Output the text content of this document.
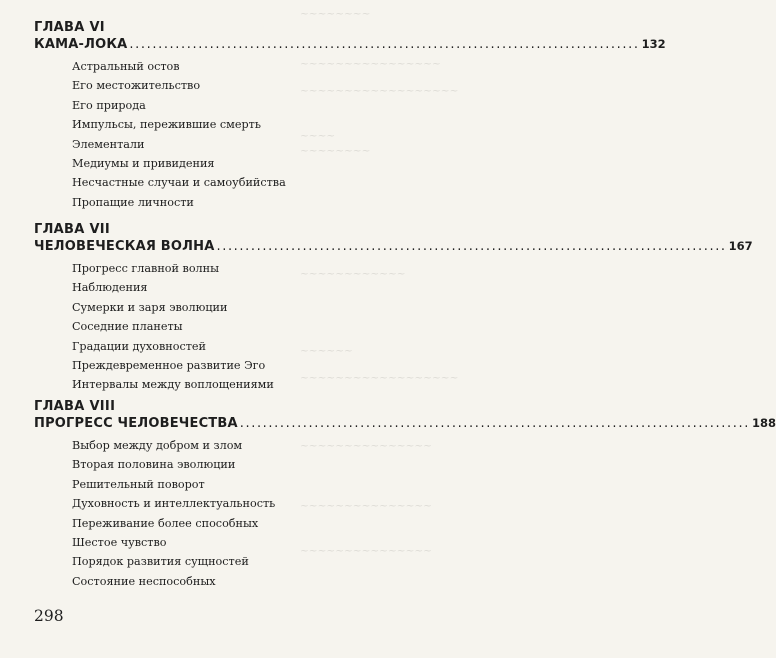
~~~~~~~~
~~~~~~~~~~~~~~~~
~~~~~~~~~~~~~~~~~~
~~~~
~~~~~~~~
~~~~~~~~~~~~
~~~~~~
~~~~~~~~~~~~~~~~~~
~~~~~~~~~~~~~~~
~~~~~~~~~~~~~~~
~~~~~~~~~~~~~~~
ГЛАВА VI
КАМА-ЛОКА ......................................................................................... 132
Астральный остов
Его местожительство
Его природа
Импульсы, пережившие смерть
Элементали
Медиумы и привидения
Несчастные случаи и самоубийства
Пропащие личности
ГЛАВА VII
ЧЕЛОВЕЧЕСКАЯ ВОЛНА ......................................................................................... 167
Прогресс главной волны
Наблюдения
Сумерки и заря эволюции
Соседние планеты
Градации духовностей
Преждевременное развитие Эго
Интервалы между воплощениями
ГЛАВА VIII
ПРОГРЕСС ЧЕЛОВЕЧЕСТВА ......................................................................................... 188
Выбор между добром и злом
Вторая половина эволюции
Решительный поворот
Духовность и интеллектуальность
Переживание более способных
Шестое чувство
Порядок развития сущностей
Состояние неспособных
298
